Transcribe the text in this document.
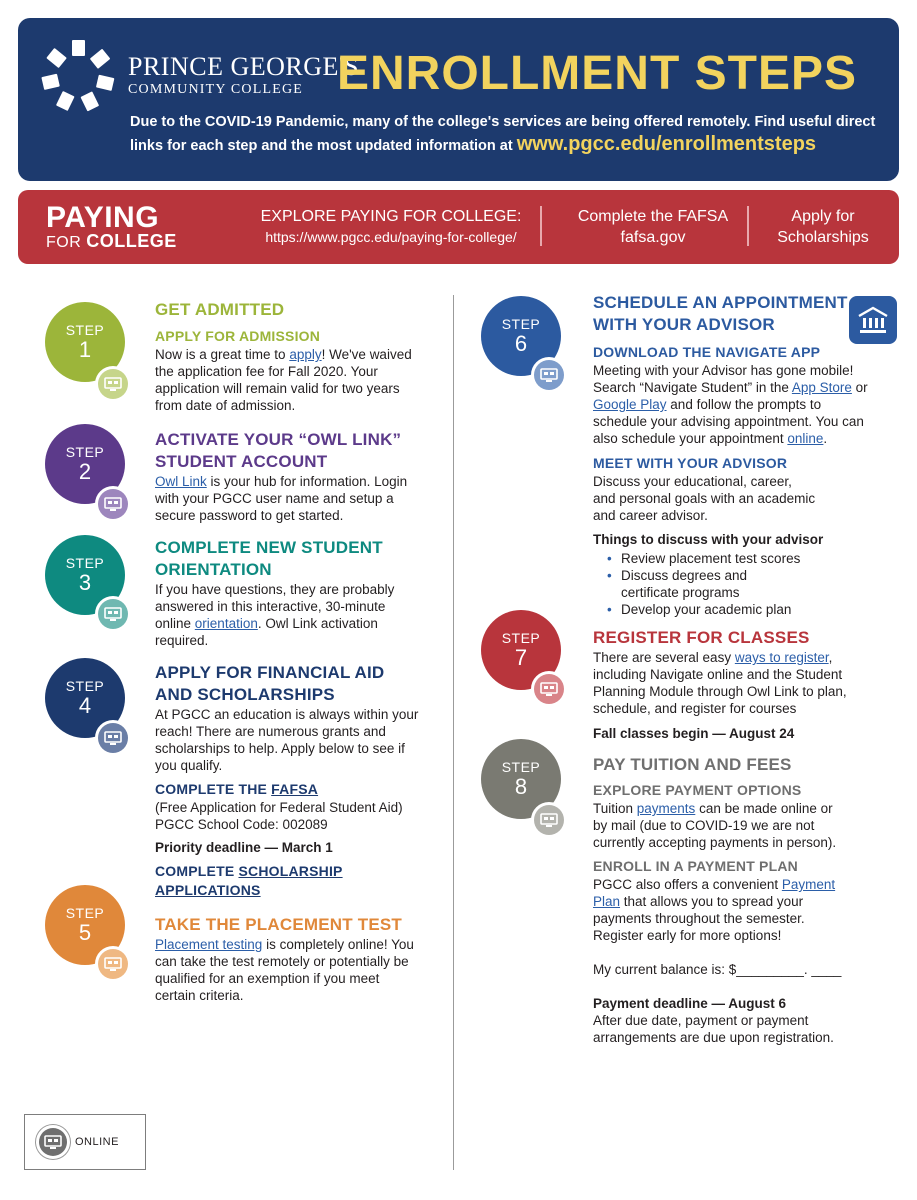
PRINCE GEORGE'S
COMMUNITY COLLEGE ENROLLMENT STEPS
Due to the COVID-19 Pandemic, many of the college's services are being offered remotely. Find useful direct links for each step and the most updated information at www.pgcc.edu/enrollmentsteps
PAYING
FOR COLLEGE
EXPLORE PAYING FOR COLLEGE:
https://www.pgcc.edu/paying-for-college/
Complete the FAFSA
fafsa.gov
Apply for
Scholarships
STEP
1
GET ADMITTED
APPLY FOR ADMISSION

Now is a great time to apply! We've waived the application fee for Fall 2020. Your application will remain valid for two years from date of admission.

STEP
2
ACTIVATE YOUR “OWL LINK”
STUDENT ACCOUNT

Owl Link is your hub for information. Login with your PGCC user name and setup a secure password to get started.

STEP
3
COMPLETE NEW STUDENT
ORIENTATION

If you have questions, they are probably answered in this interactive, 30-minute online orientation. Owl Link activation required.

STEP
4
APPLY FOR FINANCIAL AID
AND SCHOLARSHIPS

At PGCC an education is always within your reach! There are numerous grants and scholarships to help. Apply below to see if you qualify.

COMPLETE THE FAFSA

(Free Application for Federal Student Aid)

PGCC School Code: 002089

Priority deadline — March 1

COMPLETE SCHOLARSHIP
APPLICATIONS
STEP
5	TAKE THE PLACEMENT TEST

Placement testing is completely online! You can take the test remotely or potentially be qualified for an exemption if you meet certain criteria.

STEP
6
SCHEDULE AN APPOINTMENT
WITH YOUR ADVISOR
DOWNLOAD THE NAVIGATE APP

Meeting with your Advisor has gone mobile! Search “Navigate Student” in the App Store or Google Play and follow the prompts to schedule your advising appointment. You can also schedule your appointment online.

MEET WITH YOUR ADVISOR

Discuss your educational, career, and personal goals with an academic and career advisor.

Things to discuss with your advisor

• Review placement test scores
• Discuss degrees and certificate programs
• Develop your academic plan
STEP
7
REGISTER FOR CLASSES

There are several easy ways to register, including Navigate online and the Student Planning Module through Owl Link to plan, schedule, and register for courses

Fall classes begin — August 24

STEP
8
PAY TUITION AND FEES
EXPLORE PAYMENT OPTIONS

Tuition payments can be made online or by mail (due to COVID-19 we are not currently accepting payments in person).

ENROLL IN A PAYMENT PLAN

PGCC also offers a convenient Payment Plan that allows you to spread your payments throughout the semester. Register early for more options!

My current balance is: $_________. ____

Payment deadline — August 6

After due date, payment or payment arrangements are due upon registration.

ONLINE
